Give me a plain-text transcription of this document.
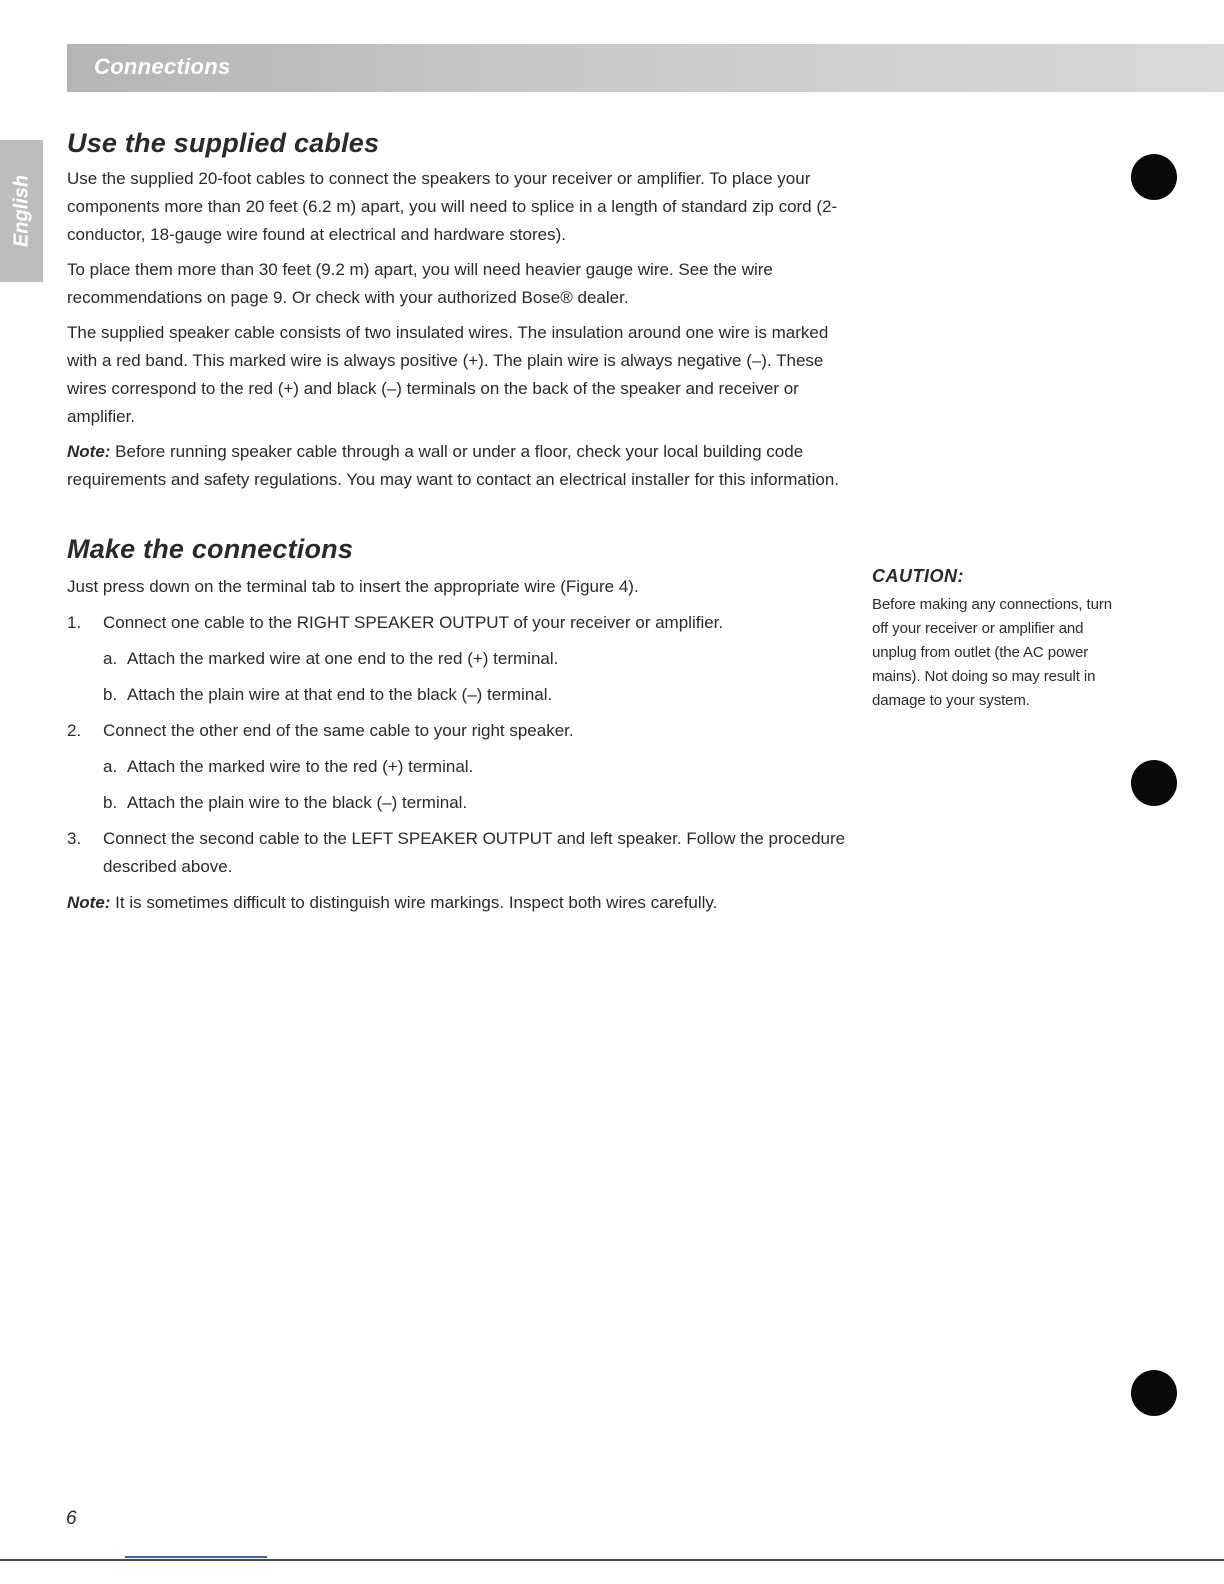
Connections
English
Use the supplied cables

Use the supplied 20-foot cables to connect the speakers to your receiver or amplifier. To place your components more than 20 feet (6.2 m) apart, you will need to splice in a length of standard zip cord (2-conductor, 18-gauge wire found at electrical and hardware stores).

To place them more than 30 feet (9.2 m) apart, you will need heavier gauge wire. See the wire recommendations on page 9. Or check with your authorized Bose® dealer.

The supplied speaker cable consists of two insulated wires. The insulation around one wire is marked with a red band. This marked wire is always positive (+). The plain wire is always negative (–). These wires correspond to the red (+) and black (–) terminals on the back of the speaker and receiver or amplifier.

Note: Before running speaker cable through a wall or under a floor, check your local building code requirements and safety regulations. You may want to contact an electrical installer for this information.

Make the connections

Just press down on the terminal tab to insert the appropriate wire (Figure 4).

1. Connect one cable to the RIGHT SPEAKER OUTPUT of your receiver or amplifier.
a. Attach the marked wire at one end to the red (+) terminal.
b. Attach the plain wire at that end to the black (–) terminal.
2. Connect the other end of the same cable to your right speaker.
a. Attach the marked wire to the red (+) terminal.
b. Attach the plain wire to the black (–) terminal.
3. Connect the second cable to the LEFT SPEAKER OUTPUT and left speaker. Follow the procedure described above.

Note: It is sometimes difficult to distinguish wire markings. Inspect both wires carefully.

CAUTION:
Before making any connections, turn off your receiver or amplifier and unplug from outlet (the AC power mains). Not doing so may result in damage to your system.
6
